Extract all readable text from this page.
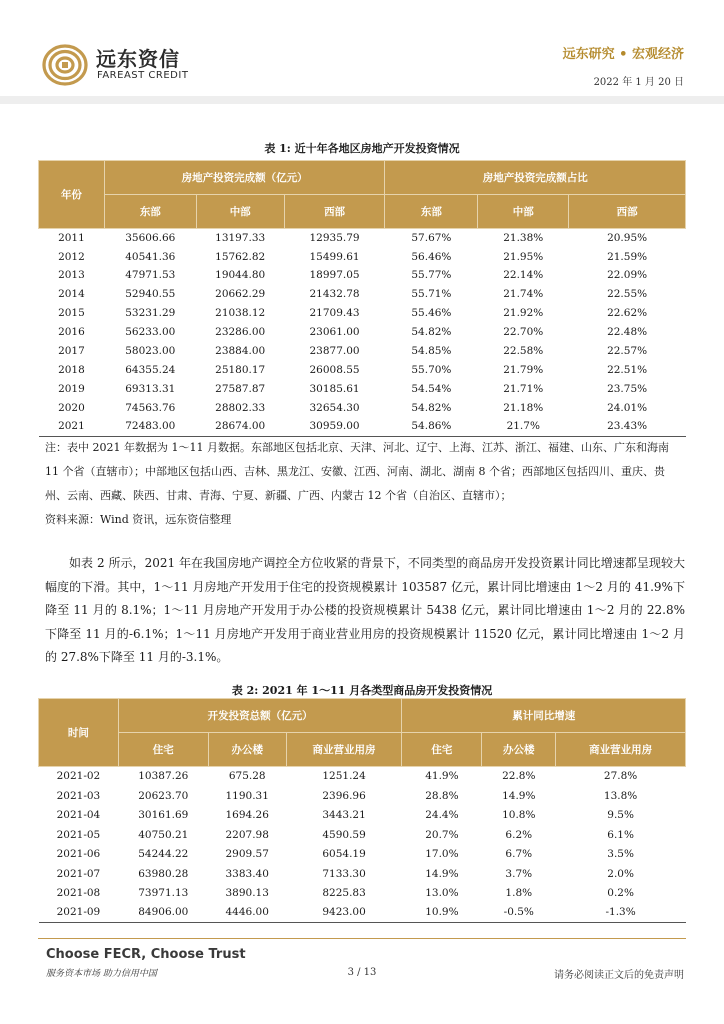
远东资信
FAREAST CREDIT
远东研究 • 宏观经济
2022 年 1 月 20 日
表 1: 近十年各地区房地产开发投资情况
年份	房地产投资完成额（亿元）			房地产投资完成额占比		
	东部	中部	西部	东部	中部	西部
2011	35606.66	13197.33	12935.79	57.67%	21.38%	20.95%
2012	40541.36	15762.82	15499.61	56.46%	21.95%	21.59%
2013	47971.53	19044.80	18997.05	55.77%	22.14%	22.09%
2014	52940.55	20662.29	21432.78	55.71%	21.74%	22.55%
2015	53231.29	21038.12	21709.43	55.46%	21.92%	22.62%
2016	56233.00	23286.00	23061.00	54.82%	22.70%	22.48%
2017	58023.00	23884.00	23877.00	54.85%	22.58%	22.57%
2018	64355.24	25180.17	26008.55	55.70%	21.79%	22.51%
2019	69313.31	27587.87	30185.61	54.54%	21.71%	23.75%
2020	74563.76	28802.33	32654.30	54.82%	21.18%	24.01%
2021	72483.00	28674.00	30959.00	54.86%	21.7%	23.43%
注：表中 2021 年数据为 1～11 月数据。东部地区包括北京、天津、河北、辽宁、上海、江苏、浙江、福建、山东、广东和海南 11 个省（直辖市）；中部地区包括山西、吉林、黑龙江、安徽、江西、河南、湖北、湖南 8 个省；西部地区包括四川、重庆、贵州、云南、西藏、陕西、甘肃、青海、宁夏、新疆、广西、内蒙古 12 个省（自治区、直辖市）；
资料来源：Wind 资讯，远东资信整理
如表 2 所示，2021 年在我国房地产调控全方位收紧的背景下，不同类型的商品房开发投资累计同比增速都呈现较大幅度的下滑。其中，1～11 月房地产开发用于住宅的投资规模累计 103587 亿元，累计同比增速由 1～2 月的 41.9%下降至 11 月的 8.1%；1～11 月房地产开发用于办公楼的投资规模累计 5438 亿元，累计同比增速由 1～2 月的 22.8%下降至 11 月的-6.1%；1～11 月房地产开发用于商业营业用房的投资规模累计 11520 亿元，累计同比增速由 1～2 月的 27.8%下降至 11 月的-3.1%。
表 2: 2021 年 1～11 月各类型商品房开发投资情况
时间	开发投资总额（亿元）			累计同比增速		
	住宅	办公楼	商业营业用房	住宅	办公楼	商业营业用房
2021-02	10387.26	675.28	1251.24	41.9%	22.8%	27.8%
2021-03	20623.70	1190.31	2396.96	28.8%	14.9%	13.8%
2021-04	30161.69	1694.26	3443.21	24.4%	10.8%	9.5%
2021-05	40750.21	2207.98	4590.59	20.7%	6.2%	6.1%
2021-06	54244.22	2909.57	6054.19	17.0%	6.7%	3.5%
2021-07	63980.28	3383.40	7133.30	14.9%	3.7%	2.0%
2021-08	73971.13	3890.13	8225.83	13.0%	1.8%	0.2%
2021-09	84906.00	4446.00	9423.00	10.9%	-0.5%	-1.3%
Choose FECR, Choose Trust
服务资本市场 助力信用中国	3 / 13	请务必阅读正文后的免责声明
